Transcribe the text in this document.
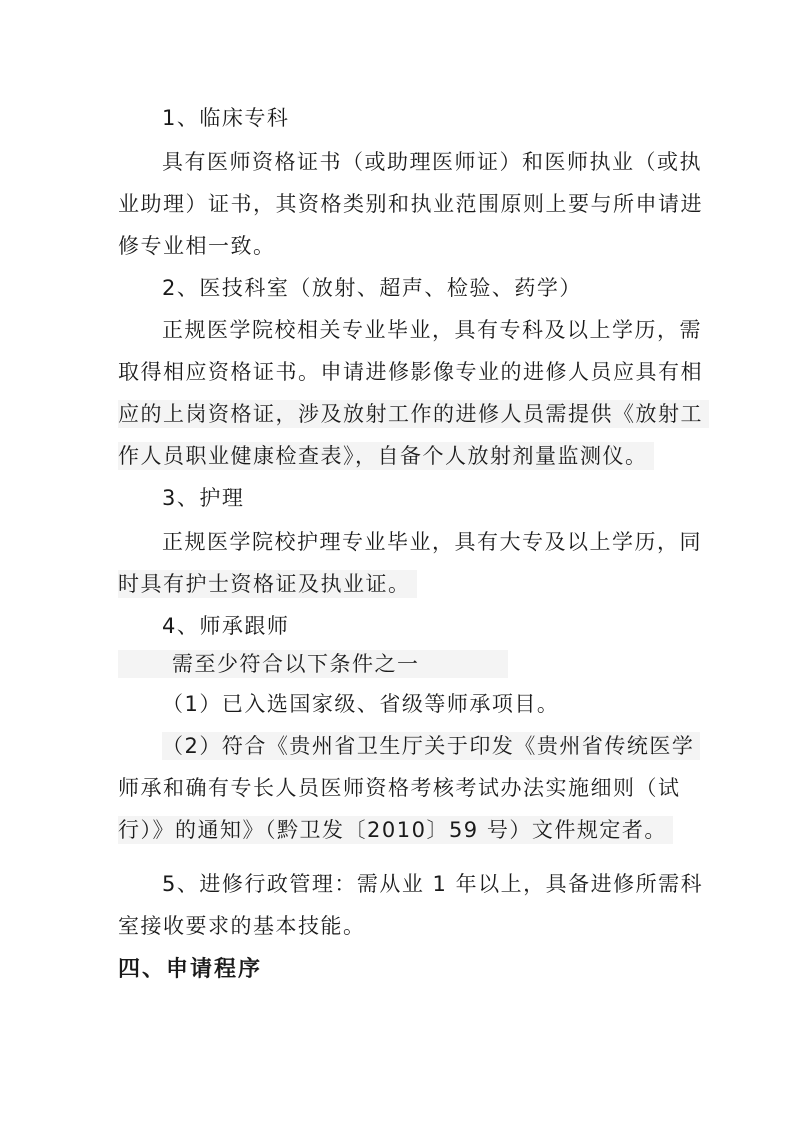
1、临床专科
具有医师资格证书（或助理医师证）和医师执业（或执
业助理）证书，其资格类别和执业范围原则上要与所申请进
修专业相一致。
2、医技科室（放射、超声、检验、药学）
正规医学院校相关专业毕业，具有专科及以上学历，需
取得相应资格证书。申请进修影像专业的进修人员应具有相
应的上岗资格证，涉及放射工作的进修人员需提供《放射工
作人员职业健康检查表》，自备个人放射剂量监测仪。
3、护理
正规医学院校护理专业毕业，具有大专及以上学历，同
时具有护士资格证及执业证。
4、师承跟师
需至少符合以下条件之一
（1）已入选国家级、省级等师承项目。
（2）符合《贵州省卫生厅关于印发《贵州省传统医学
师承和确有专长人员医师资格考核考试办法实施细则（试
行）》的通知》（黔卫发〔2010〕59 号）文件规定者。
5、进修行政管理：需从业 1 年以上，具备进修所需科
室接收要求的基本技能。
四、申请程序
